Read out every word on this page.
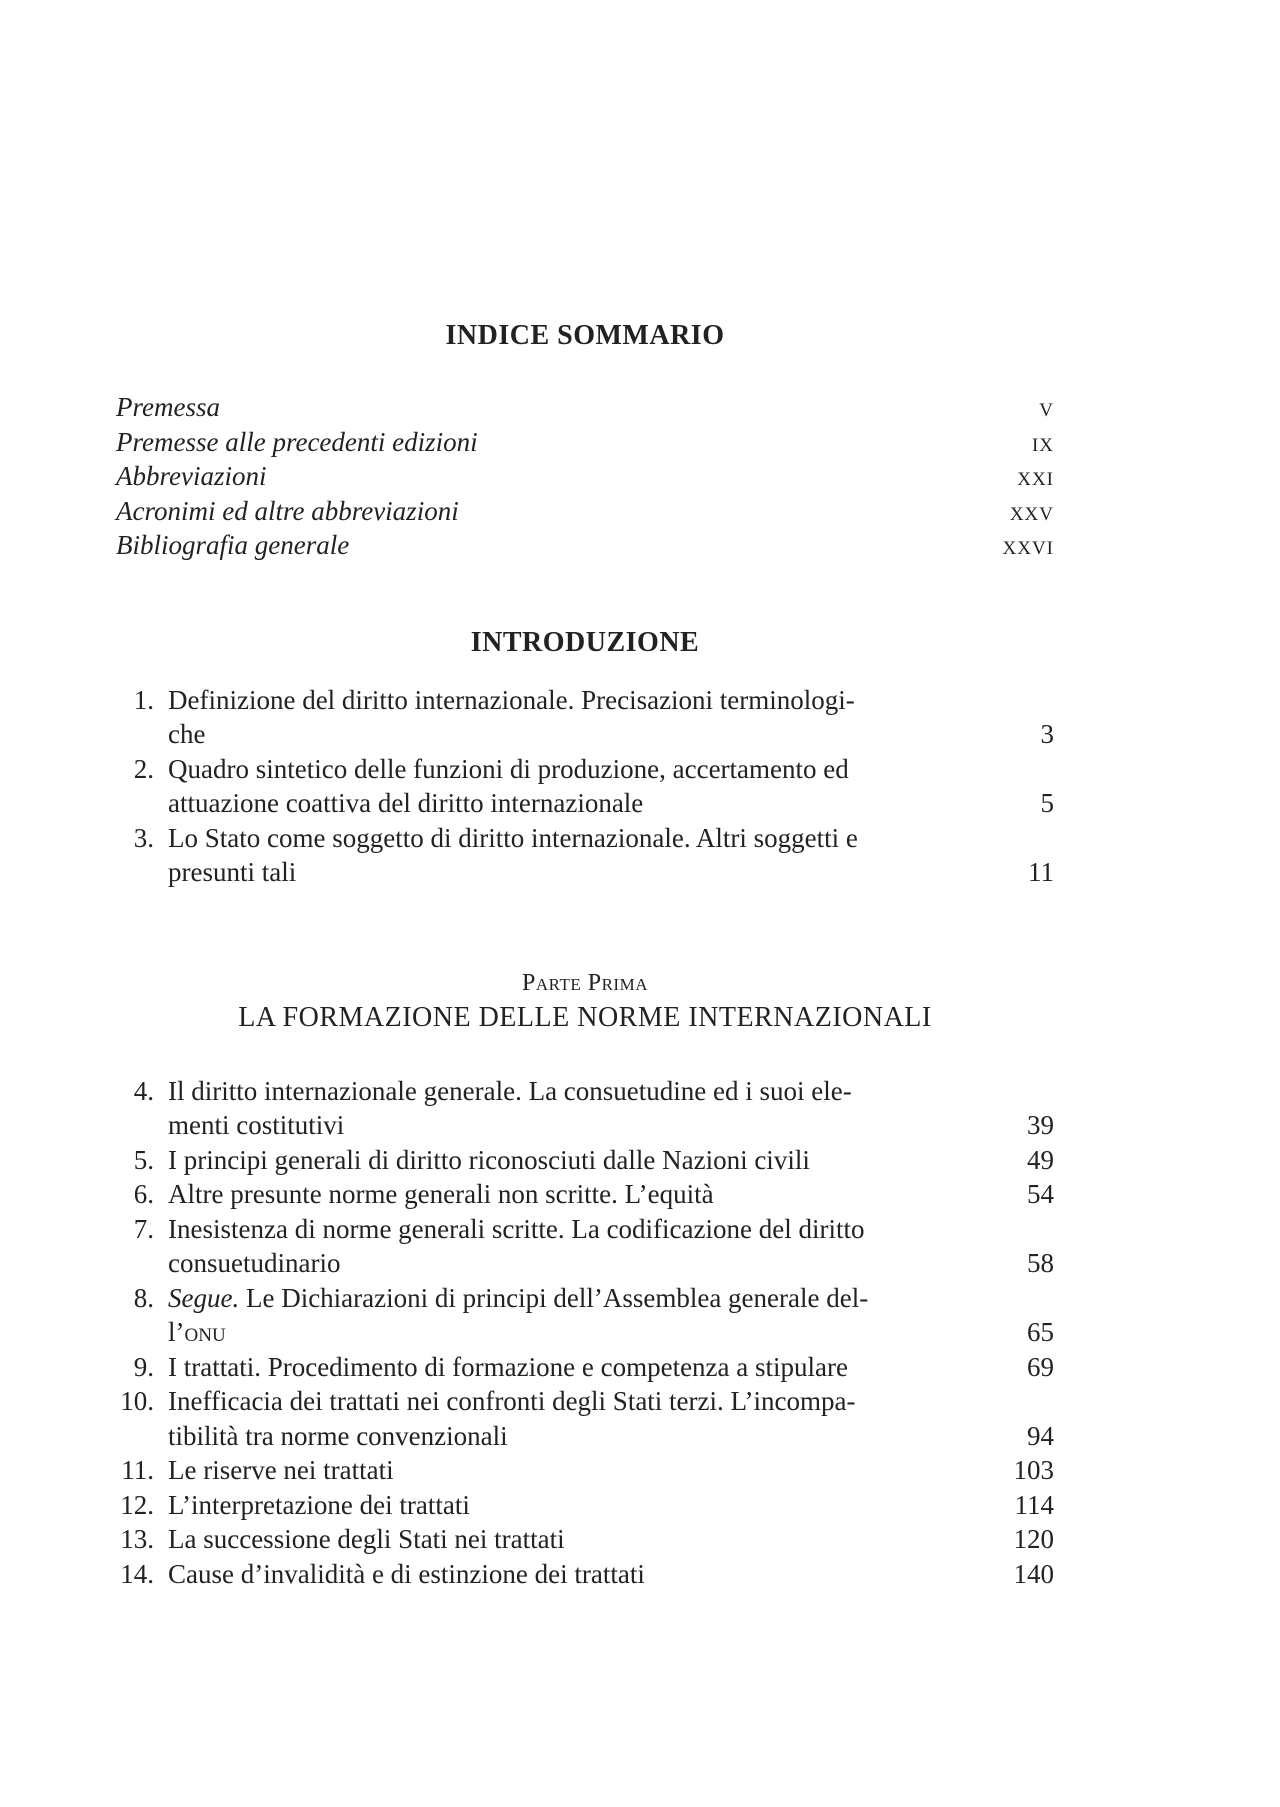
INDICE SOMMARIO
Premessa	v
Premesse alle precedenti edizioni	ix
Abbreviazioni	xxi
Acronimi ed altre abbreviazioni	xxv
Bibliografia generale	xxvi
INTRODUZIONE
1. Definizione del diritto internazionale. Precisazioni terminologi-
che	3
2. Quadro sintetico delle funzioni di produzione, accertamento ed
attuazione coattiva del diritto internazionale	5
3. Lo Stato come soggetto di diritto internazionale. Altri soggetti e
presunti tali	11
Parte Prima
LA FORMAZIONE DELLE NORME INTERNAZIONALI
4. Il diritto internazionale generale. La consuetudine ed i suoi ele-
menti costitutivi	39
5. I principi generali di diritto riconosciuti dalle Nazioni civili	49
6. Altre presunte norme generali non scritte. L’equità	54
7. Inesistenza di norme generali scritte. La codificazione del diritto
consuetudinario	58
8. Segue. Le Dichiarazioni di principi dell’Assemblea generale del-
l’onu	65
9. I trattati. Procedimento di formazione e competenza a stipulare	69
10. Inefficacia dei trattati nei confronti degli Stati terzi. L’incompa-
tibilità tra norme convenzionali	94
11. Le riserve nei trattati	103
12. L’interpretazione dei trattati	114
13. La successione degli Stati nei trattati	120
14. Cause d’invalidità e di estinzione dei trattati	140
